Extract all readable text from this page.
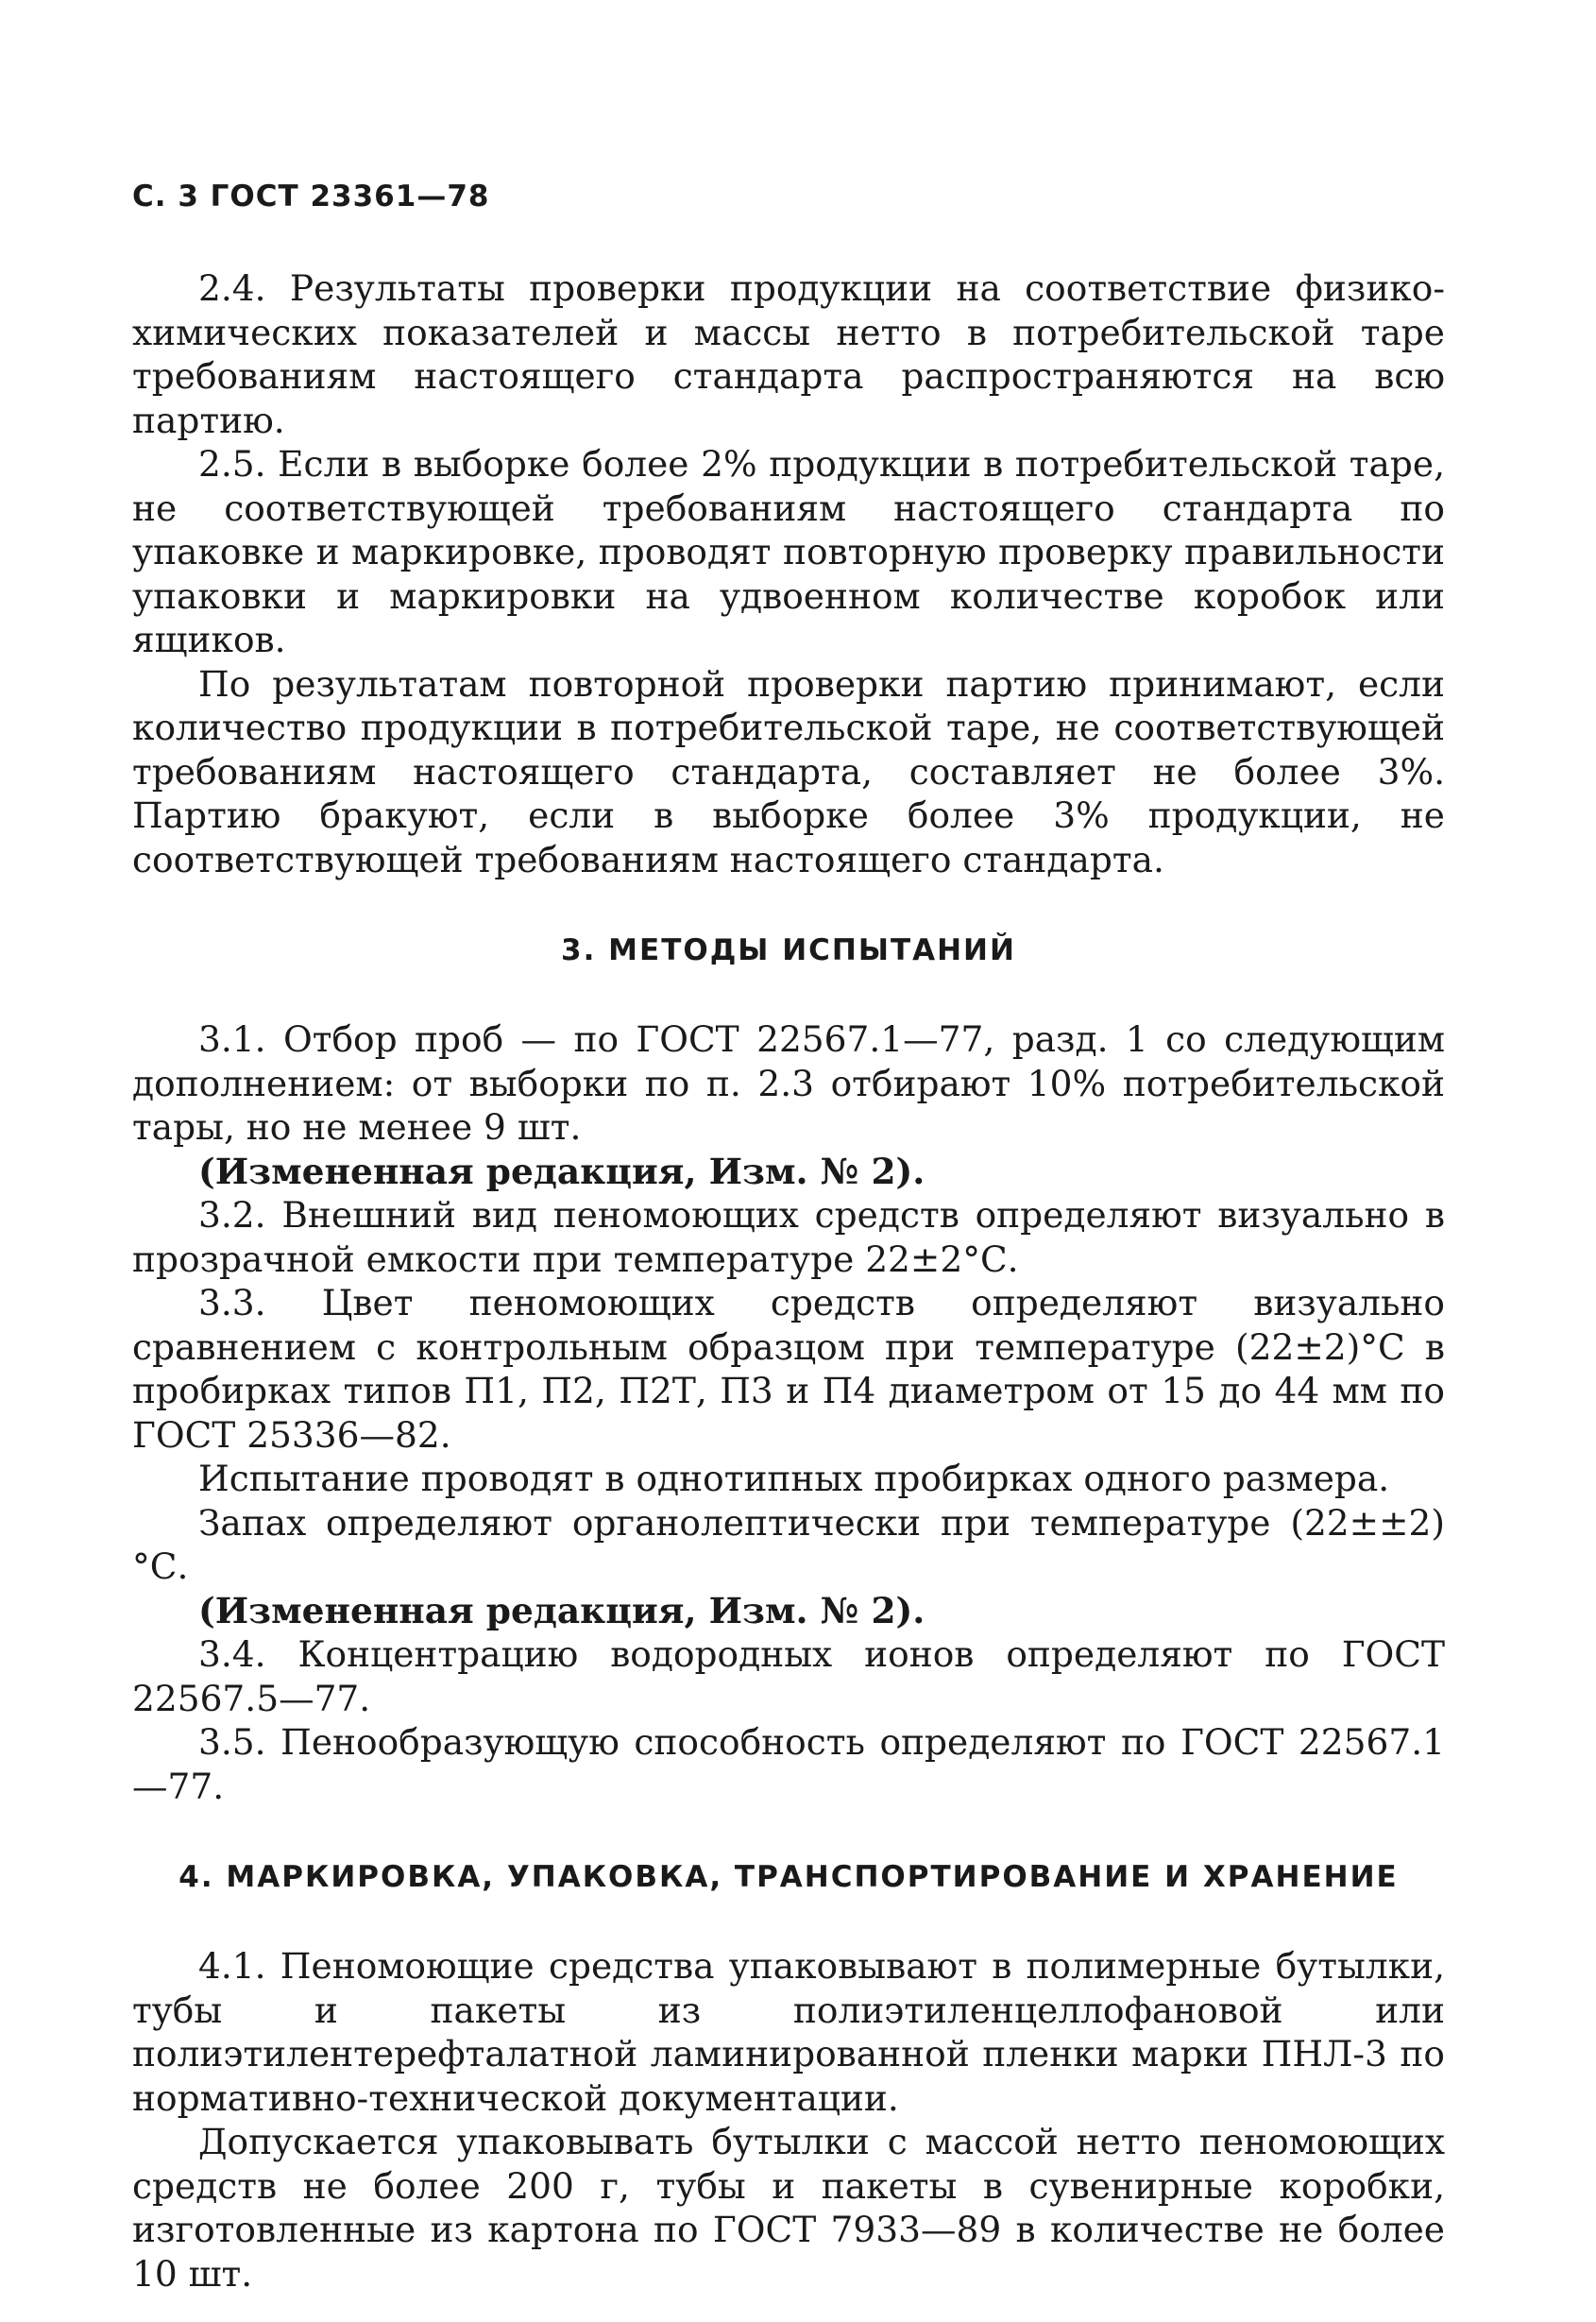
С. 3 ГОСТ 23361—78

2.4. Результаты проверки продукции на соответствие физико-химических показателей и массы нетто в потребительской таре требованиям настоящего стандарта распространяются на всю партию.

2.5. Если в выборке более 2% продукции в потребительской таре, не соответствующей требованиям настоящего стандарта по упаковке и маркировке, проводят повторную проверку правильности упаковки и маркировки на удвоенном количестве коробок или ящиков.

По результатам повторной проверки партию принимают, если количество продукции в потребительской таре, не соответствующей требованиям настоящего стандарта, составляет не более 3%. Партию бракуют, если в выборке более 3% продукции, не соответствующей требованиям настоящего стандарта.

3. МЕТОДЫ ИСПЫТАНИЙ

3.1. Отбор проб — по ГОСТ 22567.1—77, разд. 1 со следующим дополнением: от выборки по п. 2.3 отбирают 10% потребительской тары, но не менее 9 шт.

(Измененная редакция, Изм. № 2).

3.2. Внешний вид пеномоющих средств определяют визуально в прозрачной емкости при температуре 22±2°С.

3.3. Цвет пеномоющих средств определяют визуально сравнением с контрольным образцом при температуре (22±2)°С в пробирках типов П1, П2, П2Т, П3 и П4 диаметром от 15 до 44 мм по ГОСТ 25336—82.

Испытание проводят в однотипных пробирках одного размера.

Запах определяют органолептически при температуре (22±±2)°С.

(Измененная редакция, Изм. № 2).

3.4. Концентрацию водородных ионов определяют по ГОСТ 22567.5—77.

3.5. Пенообразующую способность определяют по ГОСТ 22567.1—77.

4. МАРКИРОВКА, УПАКОВКА, ТРАНСПОРТИРОВАНИЕ И ХРАНЕНИЕ

4.1. Пеномоющие средства упаковывают в полимерные бутылки, тубы и пакеты из полиэтиленцеллофановой или полиэтилентерефталатной ламинированной пленки марки ПНЛ-3 по нормативно-технической документации.

Допускается упаковывать бутылки с массой нетто пеномоющих средств не более 200 г, тубы и пакеты в сувенирные коробки, изготовленные из картона по ГОСТ 7933—89 в количестве не более 10 шт.
